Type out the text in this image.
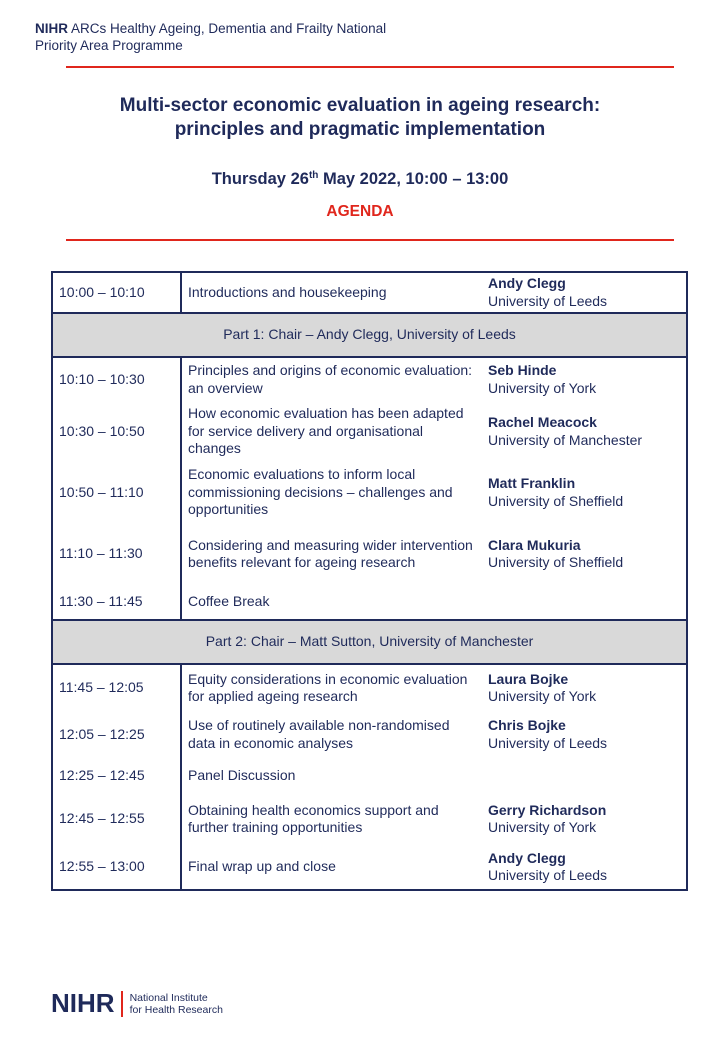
NIHR ARCs Healthy Ageing, Dementia and Frailty National
Priority Area Programme
Multi-sector economic evaluation in ageing research:
principles and pragmatic implementation
Thursday 26th May 2022, 10:00 – 13:00
AGENDA
10:00 – 10:10	Introductions and housekeeping	Andy Clegg
University of Leeds

Part 1: Chair – Andy Clegg, University of Leeds		
10:10 – 10:30	Principles and origins of economic evaluation: an overview	Seb Hinde
University of York

10:30 – 10:50	How economic evaluation has been adapted for service delivery and organisational changes	Rachel Meacock
University of Manchester

10:50 – 11:10	Economic evaluations to inform local commissioning decisions – challenges and opportunities	Matt Franklin
University of Sheffield

11:10 – 11:30	Considering and measuring wider intervention benefits relevant for ageing research	Clara Mukuria
University of Sheffield

11:30 – 11:45	Coffee Break	

Part 2: Chair – Matt Sutton, University of Manchester		
11:45 – 12:05	Equity considerations in economic evaluation for applied ageing research	Laura Bojke
University of York

12:05 – 12:25	Use of routinely available non-randomised data in economic analyses	Chris Bojke
University of Leeds

12:25 – 12:45	Panel Discussion	

12:45 – 12:55	Obtaining health economics support and further training opportunities	Gerry Richardson
University of York

12:55 – 13:00	Final wrap up and close	Andy Clegg
University of Leeds
NIHR National Institute
for Health Research
